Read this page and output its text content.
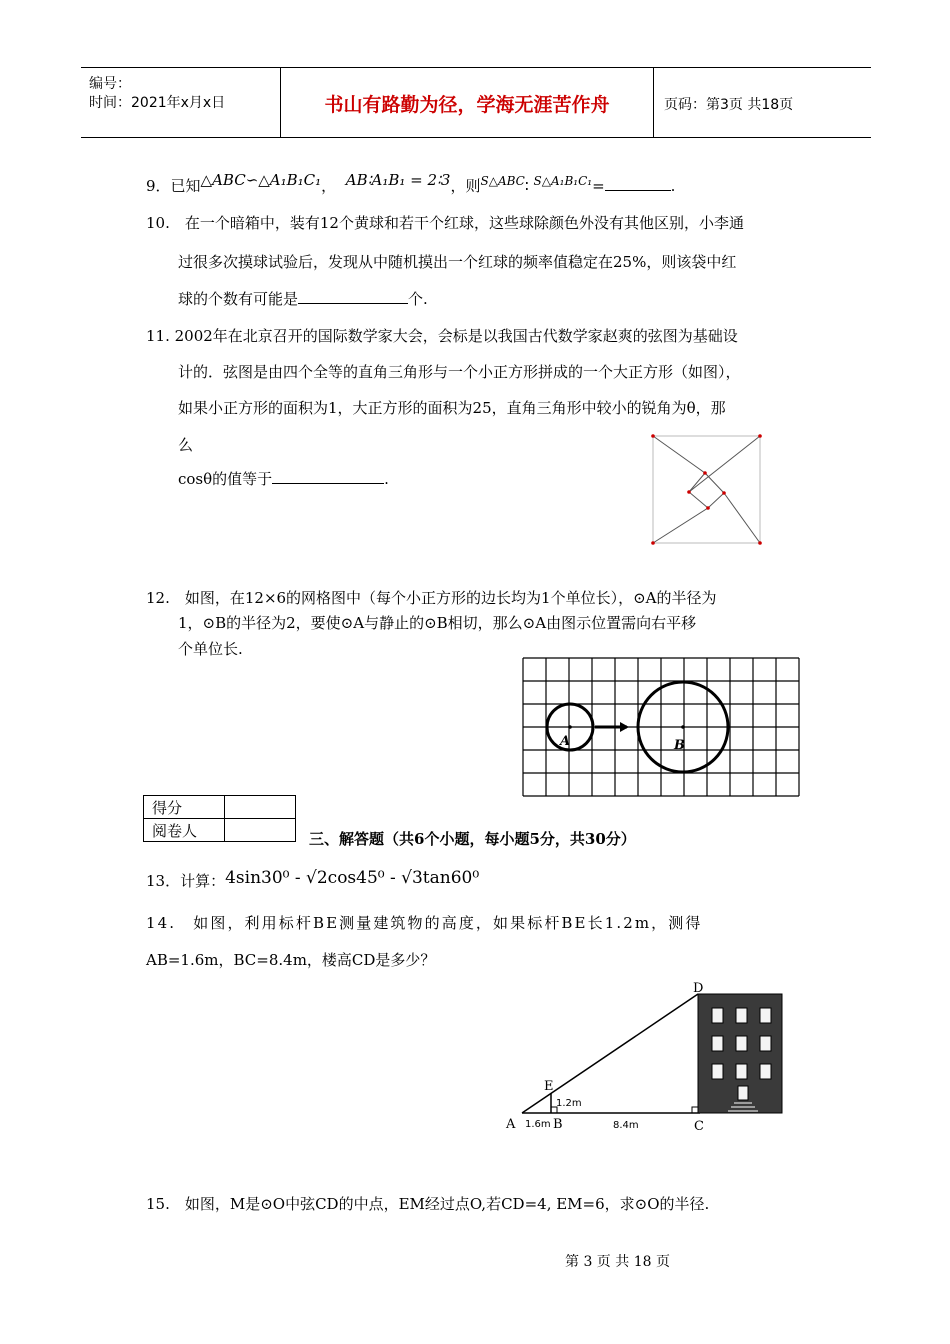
编号：
时间：2021年x月x日	书山有路勤为径，学海无涯苦作舟	页码：第3页 共18页
9．已知△ABC∽△A₁B₁C₁， AB∶A₁B₁ = 2∶3，则$^{S\triangle ABC}$∶ $^{S\triangle A_1B_1C_1}$=	.
10.　在一个暗箱中，装有12个黄球和若干个红球，这些球除颜色外没有其他区别，小李通
过很多次摸球试验后，发现从中随机摸出一个红球的频率值稳定在25%，则该袋中红
球的个数有可能是	个.
11. 2002年在北京召开的国际数学家大会，会标是以我国古代数学家赵爽的弦图为基础设
计的．弦图是由四个全等的直角三角形与一个小正方形拼成的一个大正方形（如图），
如果小正方形的面积为1，大正方形的面积为25，直角三角形中较小的锐角为θ，那
么
cosθ的值等于	.
12.　如图，在12×6的网格图中（每个小正方形的边长均为1个单位长），⊙A的半径为
1，⊙B的半径为2，要使⊙A与静止的⊙B相切，那么⊙A由图示位置需向右平移
个单位长.
A	B
得分	
阅卷人		三、解答题（共6个小题，每小题5分，共30分）
13．计算：4sin30⁰ - √2cos45⁰ - √3tan60⁰
14.　如图，利用标杆BE测量建筑物的高度，如果标杆BE长1.2m，测得
AB=1.6m，BC=8.4m，楼高CD是多少？
A	B	C
D
E
1.2m
1.6m	8.4m
15.　如图，M是⊙O中弦CD的中点，EM经过点O,若CD=4, EM=6，求⊙O的半径.
第 3 页 共 18 页
